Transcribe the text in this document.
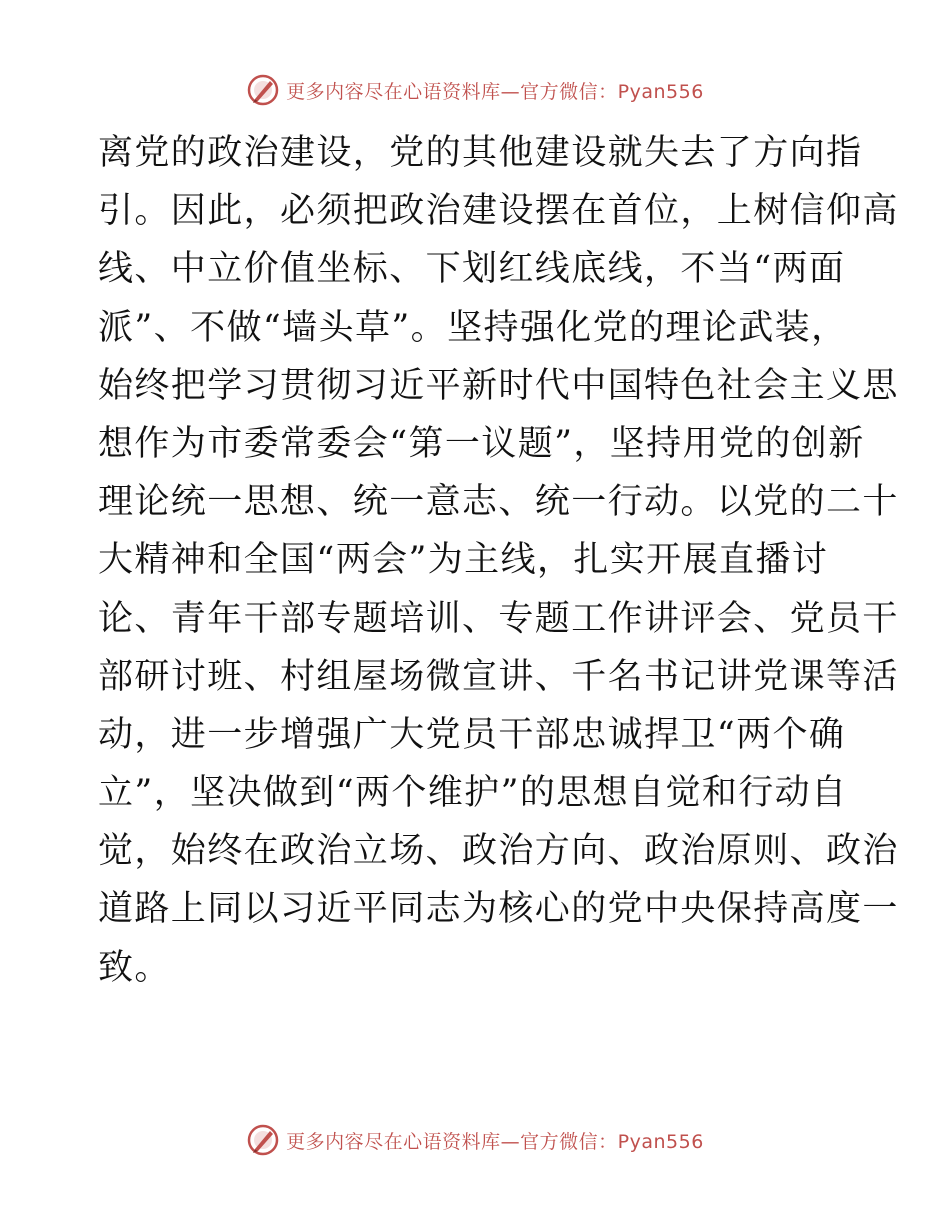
更多内容尽在心语资料库—官方微信：Pyan556
离党的政治建设，党的其他建设就失去了方向指
引。因此，必须把政治建设摆在首位，上树信仰高
线、中立价值坐标、下划红线底线，不当“两面
派”、不做“墙头草”。坚持强化党的理论武装，
始终把学习贯彻习近平新时代中国特色社会主义思
想作为市委常委会“第一议题”，坚持用党的创新
理论统一思想、统一意志、统一行动。以党的二十
大精神和全国“两会”为主线，扎实开展直播讨
论、青年干部专题培训、专题工作讲评会、党员干
部研讨班、村组屋场微宣讲、千名书记讲党课等活
动，进一步增强广大党员干部忠诚捍卫“两个确
立”，坚决做到“两个维护”的思想自觉和行动自
觉，始终在政治立场、政治方向、政治原则、政治
道路上同以习近平同志为核心的党中央保持高度一
致。
更多内容尽在心语资料库—官方微信：Pyan556
